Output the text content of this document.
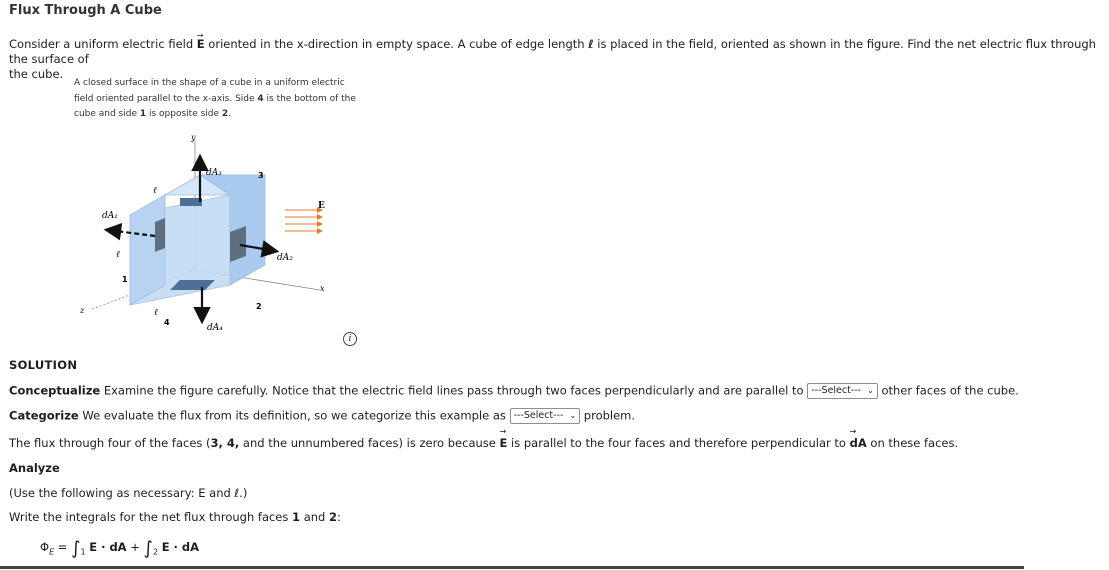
Flux Through A Cube

Consider a uniform electric field → E oriented in the x-direction in empty space. A cube of edge length ℓ is placed in the field, oriented as shown in the figure. Find the net electric flux through the surface of

the cube.

A closed surface in the shape of a cube in a uniform electric
field oriented parallel to the x-axis. Side 4 is the bottom of the
cube and side 1 is opposite side 2.
y
x
z
dA₃
dA₁
dA₂
dA₄
E
3
2
1
4
ℓ
ℓ
ℓ
i
SOLUTION
Conceptualize Examine the figure carefully. Notice that the electric field lines pass through two faces perpendicularly and are parallel to ---Select--- ⌄ other faces of the cube.
Categorize We evaluate the flux from its definition, so we categorize this example as ---Select--- ⌄ problem.
The flux through four of the faces (3, 4, and the unnumbered faces) is zero because → E is parallel to the four faces and therefore perpendicular to → dA on these faces.
Analyze
(Use the following as necessary: E and ℓ.)
Write the integrals for the net flux through faces 1 and 2:
$\Phi_E = \int_1$ E · dA + $\int_2$ E · dA
